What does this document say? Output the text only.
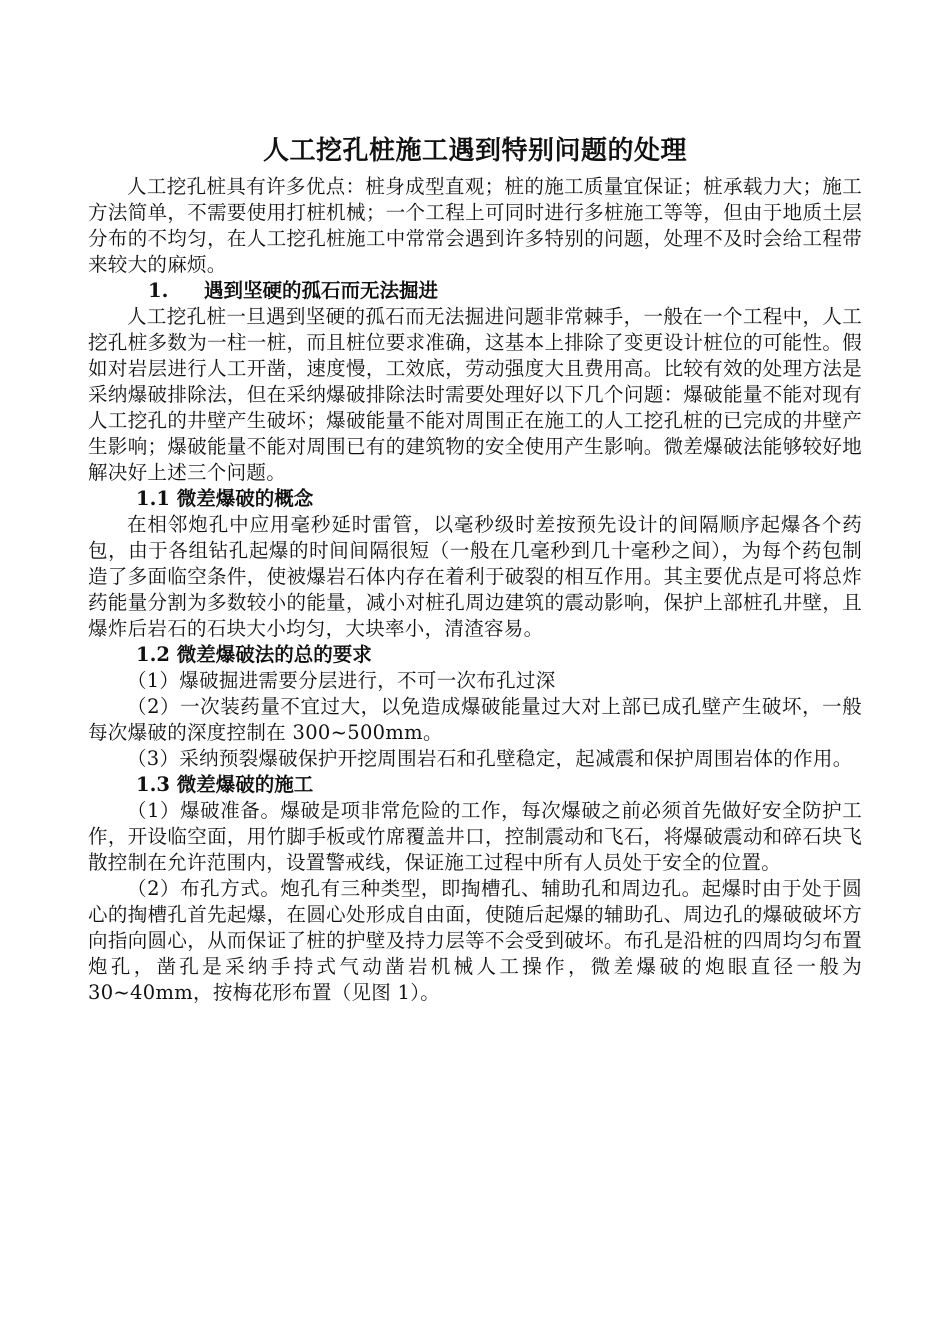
人工挖孔桩施工遇到特别问题的处理

人工挖孔桩具有许多优点：桩身成型直观；桩的施工质量宜保证；桩承载力大；施工方法简单，不需要使用打桩机械；一个工程上可同时进行多桩施工等等，但由于地质土层分布的不均匀，在人工挖孔桩施工中常常会遇到许多特别的问题，处理不及时会给工程带来较大的麻烦。

1. 遇到坚硬的孤石而无法掘进

人工挖孔桩一旦遇到坚硬的孤石而无法掘进问题非常棘手，一般在一个工程中，人工挖孔桩多数为一柱一桩，而且桩位要求准确，这基本上排除了变更设计桩位的可能性。假如对岩层进行人工开凿，速度慢，工效底，劳动强度大且费用高。比较有效的处理方法是采纳爆破排除法，但在采纳爆破排除法时需要处理好以下几个问题：爆破能量不能对现有人工挖孔的井壁产生破坏；爆破能量不能对周围正在施工的人工挖孔桩的已完成的井壁产生影响；爆破能量不能对周围已有的建筑物的安全使用产生影响。微差爆破法能够较好地解决好上述三个问题。

1.1 微差爆破的概念

在相邻炮孔中应用毫秒延时雷管，以毫秒级时差按预先设计的间隔顺序起爆各个药包，由于各组钻孔起爆的时间间隔很短（一般在几毫秒到几十毫秒之间），为每个药包制造了多面临空条件，使被爆岩石体内存在着利于破裂的相互作用。其主要优点是可将总炸药能量分割为多数较小的能量，减小对桩孔周边建筑的震动影响，保护上部桩孔井壁，且爆炸后岩石的石块大小均匀，大块率小，清渣容易。

1.2 微差爆破法的总的要求

（1）爆破掘进需要分层进行，不可一次布孔过深

（2）一次装药量不宜过大，以免造成爆破能量过大对上部已成孔壁产生破坏，一般每次爆破的深度控制在 300~500mm。

（3）采纳预裂爆破保护开挖周围岩石和孔壁稳定，起减震和保护周围岩体的作用。

1.3 微差爆破的施工

（1）爆破准备。爆破是项非常危险的工作，每次爆破之前必须首先做好安全防护工作，开设临空面，用竹脚手板或竹席覆盖井口，控制震动和飞石，将爆破震动和碎石块飞散控制在允许范围内，设置警戒线，保证施工过程中所有人员处于安全的位置。

（2）布孔方式。炮孔有三种类型，即掏槽孔、辅助孔和周边孔。起爆时由于处于圆心的掏槽孔首先起爆，在圆心处形成自由面，使随后起爆的辅助孔、周边孔的爆破破坏方向指向圆心，从而保证了桩的护壁及持力层等不会受到破坏。布孔是沿桩的四周均匀布置炮孔，凿孔是采纳手持式气动凿岩机械人工操作，微差爆破的炮眼直径一般为 30~40mm，按梅花形布置（见图 1）。
